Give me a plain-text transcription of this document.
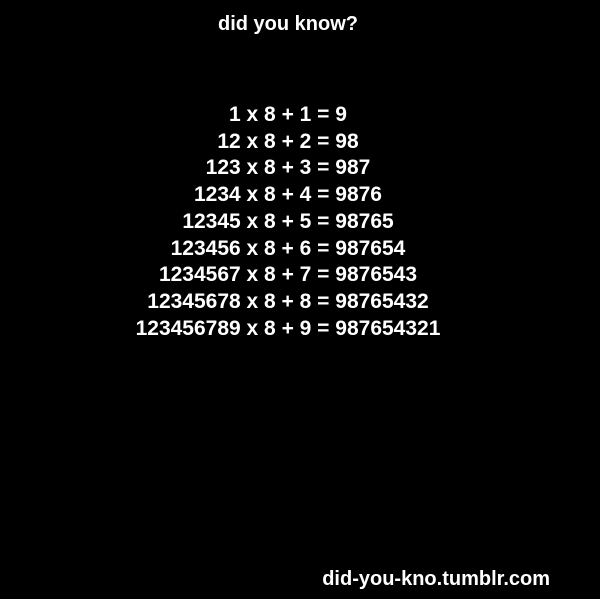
did you know?
1 x 8 + 1 = 9
12 x 8 + 2 = 98
123 x 8 + 3 = 987
1234 x 8 + 4 = 9876
12345 x 8 + 5 = 98765
123456 x 8 + 6 = 987654
1234567 x 8 + 7 = 9876543
12345678 x 8 + 8 = 98765432
123456789 x 8 + 9 = 987654321
did-you-kno.tumblr.com
